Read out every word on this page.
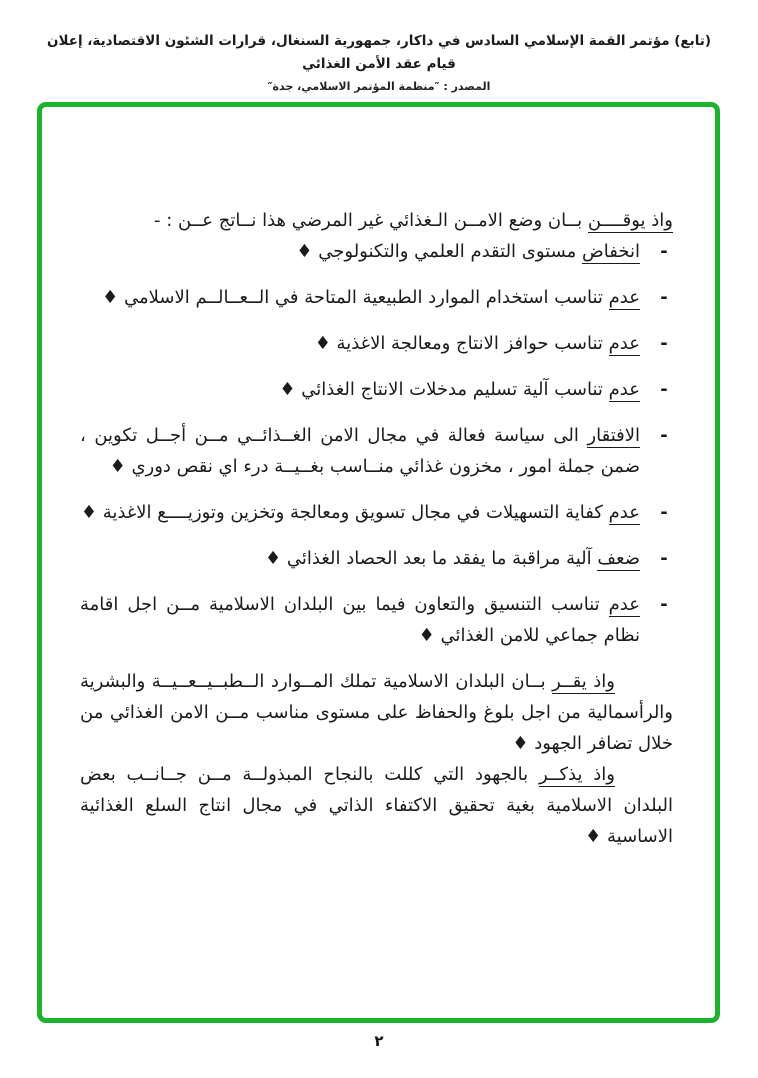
(تابع) مؤتمر القمة الإسلامي السادس في داكار، جمهورية السنغال، قرارات الشئون الاقتصادية، إعلان قيام عقد الأمن الغذائي
المصدر : ″منظمة المؤتمر الاسلامي، جدة″

واذ يوقــــن بــان وضع الامــن الـغذائي غير المرضي هذا نــاتج عــن : -

-

انخفاض مستوى التقدم العلمي والتكنولوجي ♦

-

عدم تناسب استخدام الموارد الطبيعية المتاحة في الــعــالــم الاسلامي ♦

-

عدم تناسب حوافز الانتاج ومعالجة الاغذية ♦

-

عدم تناسب آلية تسليم مدخلات الانتاج الغذائي ♦

-

الافتقار الى سياسة فعالة في مجال الامن الغــذائــي مــن أجــل تكوين ، ضمن جملة امور ، مخزون غذائي منــاسب بغــيــة درء اي نقص دوري ♦

-

عدم كفاية التسهيلات في مجال تسويق ومعالجة وتخزين وتوزيــــع الاغذية ♦

-

ضعف آلية مراقبة ما يفقد ما بعد الحصاد الغذائي ♦

-

عدم تناسب التنسيق والتعاون فيما بين البلدان الاسلامية مــن اجل اقامة نظام جماعي للامن الغذائي ♦

واذ يقــر بــان البلدان الاسلامية تملك المــوارد الــطبــيــعــيــة والبشرية والرأسمالية من اجل بلوغ والحفاظ على مستوى مناسب مــن الامن الغذائي من خلال تضافر الجهود ♦

واذ يذكــر بالجهود التي كللت بالنجاح المبذولــة مــن جــانــب بعض البلدان الاسلامية بغية تحقيق الاكتفاء الذاتي في مجال انتاج السلع الغذائية الاساسية ♦

٢
